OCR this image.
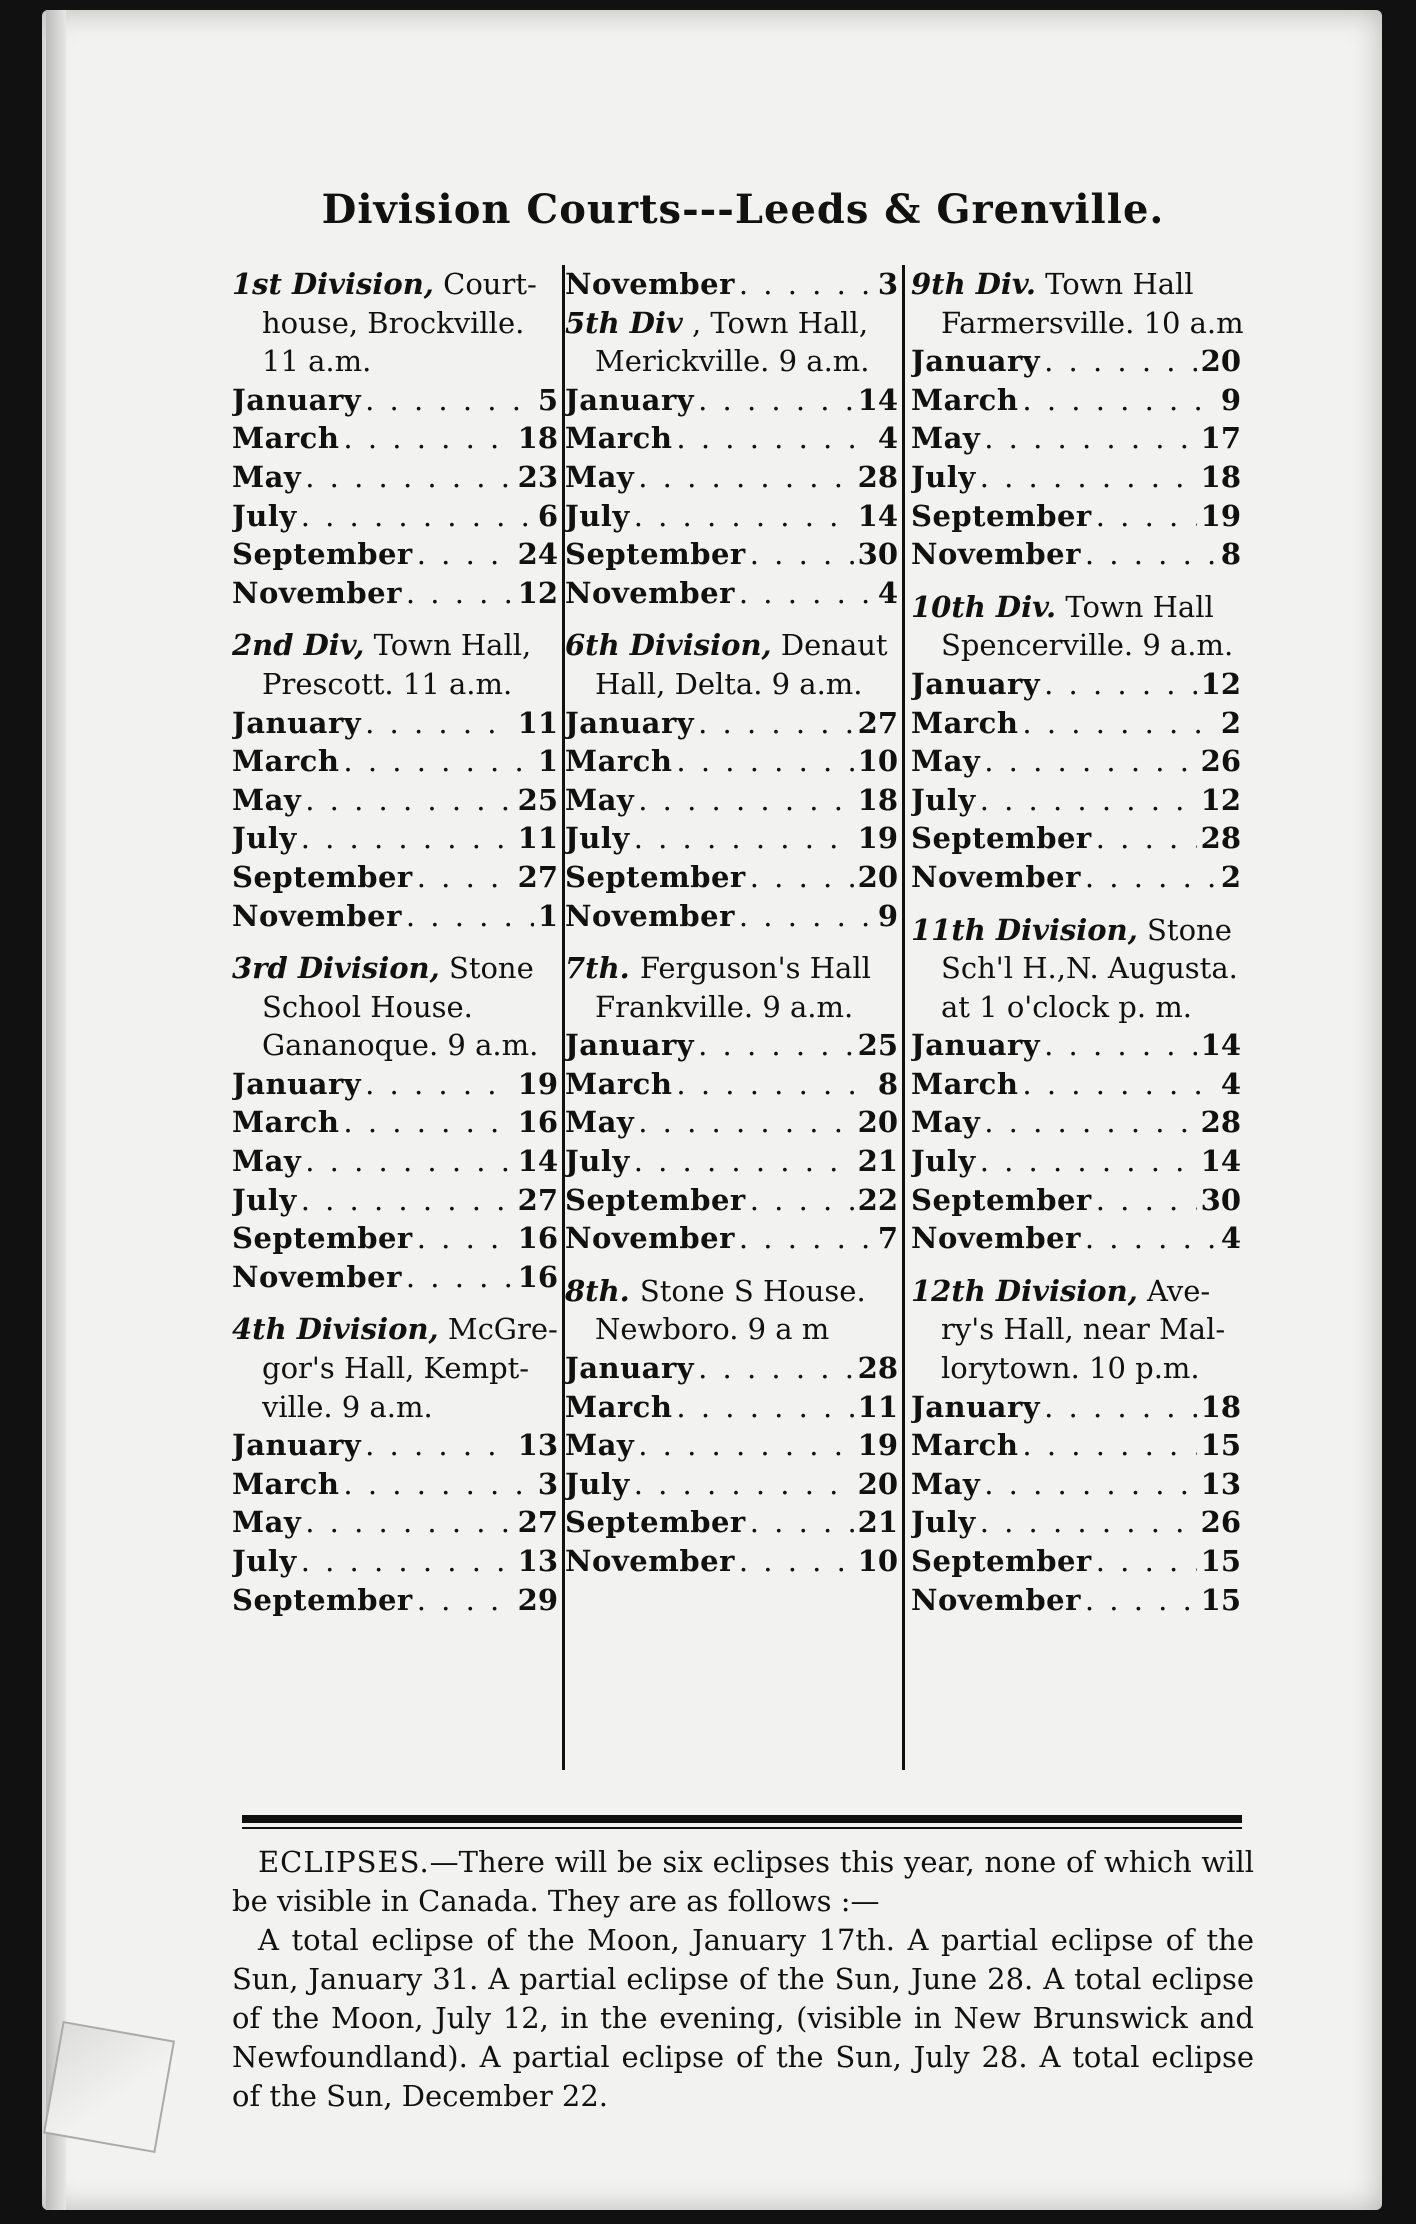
Division Courts---Leeds & Grenville.
1st Division, Court-
house, Brockville.
11 a.m.
January . . .	5
March . . .	18
May . . .	23
July . . .	6
September . . .	24
November . . .	12
2nd Div, Town Hall,
Prescott. 11 a.m.
January . . .	11
March . . .	1
May . . .	25
July . . .	11
September . . .	27
November . . .	1
3rd Division, Stone
School House.
Gananoque. 9 a.m.
January . . .	19
March . . .	16
May . . .	14
July . . .	27
September . . .	16
November . . .	16
4th Division, McGre-
gor's Hall, Kempt-
ville. 9 a.m.
January . . .	13
March . . .	3
May . . .	27
July . . .	13
September . . .	29
November . . .	3
5th Div , Town Hall,
Merickville. 9 a.m.
January . . .	14
March . . .	4
May . . .	28
July . . .	14
September . . .	30
November . . .	4
6th Division, Denaut
Hall, Delta. 9 a.m.
January . . .	27
March . . .	10
May . . .	18
July . . .	19
September . . .	20
November . . .	9
7th. Ferguson's Hall
Frankville. 9 a.m.
January . . .	25
March . . .	8
May . . .	20
July . . .	21
September . . .	22
November . . .	7
8th. Stone S House.
Newboro. 9 a m
January . . .	28
March . . .	11
May . . .	19
July . . .	20
September . . .	21
November . . .	10
9th Div. Town Hall
Farmersville. 10 a.m
January . . .	20
March . . .	9
May . . .	17
July . . .	18
September . . .	19
November . . .	8
10th Div. Town Hall
Spencerville. 9 a.m.
January . . .	12
March . . .	2
May . . .	26
July . . .	12
September . . .	28
November . . .	2
11th Division, Stone
Sch'l H.,N. Augusta.
at 1 o'clock p. m.
January . . .	14
March . . .	4
May . . .	28
July . . .	14
September . . .	30
November . . .	4
12th Division, Ave-
ry's Hall, near Mal-
lorytown. 10 p.m.
January . . .	18
March . . .	15
May . . .	13
July . . .	26
September . . .	15
November . . .	15

ECLIPSES.—There will be six eclipses this year, none of which will be visible in Canada. They are as follows :—

A total eclipse of the Moon, January 17th. A partial eclipse of the Sun, January 31. A partial eclipse of the Sun, June 28. A total eclipse of the Moon, July 12, in the evening, (visible in New Brunswick and Newfoundland). A partial eclipse of the Sun, July 28. A total eclipse of the Sun, December 22.
